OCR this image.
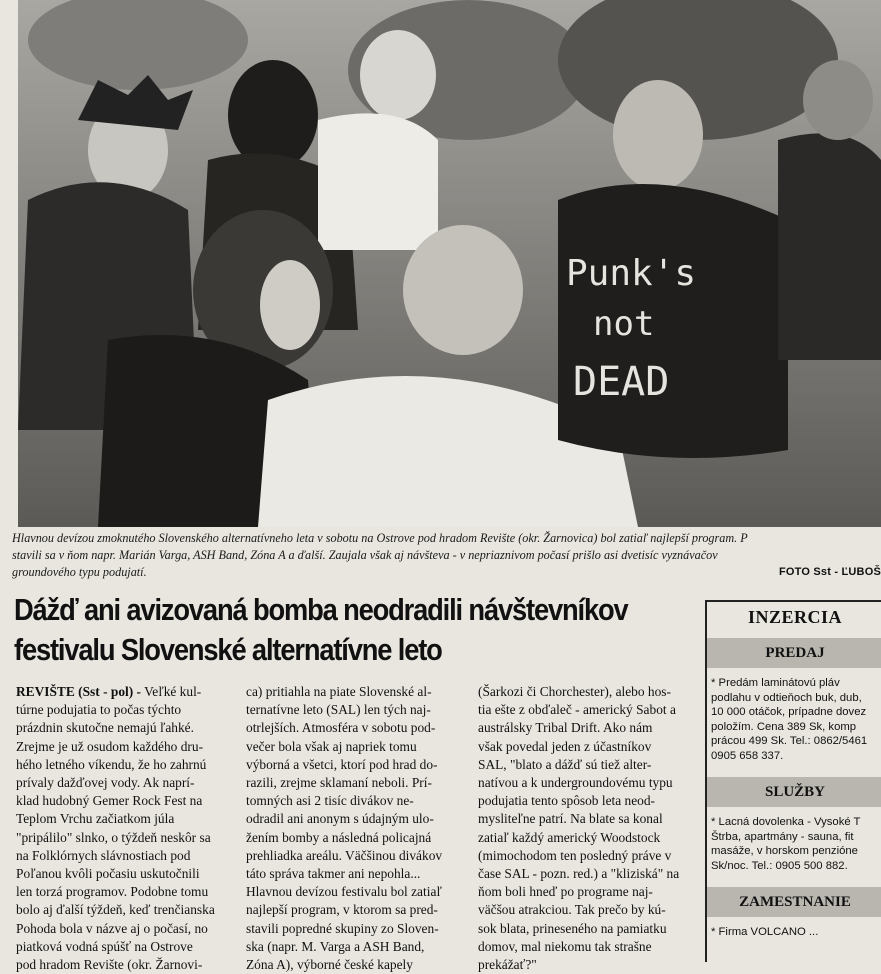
Punk's
not
DEAD
Hlavnou devízou zmoknutého Slovenského alternatívneho leta v sobotu na Ostrove pod hradom Revište (okr. Žarnovica) bol zatiaľ najlepší program. P
stavili sa v ňom napr. Marián Varga, ASH Band, Zóna A a ďalší. Zaujala však aj návšteva - v nepriaznivom počasí prišlo asi dvetisíc vyznávačov
groundového typu podujatí.	FOTO Sst - ĽUBOŠ
Dážď ani avizovaná bomba neodradili návštevníkov
festivalu Slovenské alternatívne leto
REVIŠTE (Sst - pol) - Veľké kul-
túrne podujatia to počas týchto
prázdnin skutočne nemajú ľahké.
Zrejme je už osudom každého dru-
hého letného víkendu, že ho zahrnú
prívaly dažďovej vody. Ak naprí-
klad hudobný Gemer Rock Fest na
Teplom Vrchu začiatkom júla
"pripálilo" slnko, o týždeň neskôr sa
na Folklórnych slávnostiach pod
Poľanou kvôli počasiu uskutočnili
len torzá programov. Podobne tomu
bolo aj ďalší týždeň, keď trenčianska
Pohoda bola v názve aj o počasí, no
piatková vodná spúšť na Ostrove
pod hradom Revište (okr. Žarnovi-
ca) pritiahla na piate Slovenské al-
ternatívne leto (SAL) len tých naj-
otrlejších. Atmosféra v sobotu pod-
večer bola však aj napriek tomu
výborná a všetci, ktorí pod hrad do-
razili, zrejme sklamaní neboli. Prí-
tomných asi 2 tisíc divákov ne-
odradil ani anonym s údajným ulo-
žením bomby a následná policajná
prehliadka areálu. Väčšinou divákov
táto správa takmer ani nepohla...
Hlavnou devízou festivalu bol zatiaľ
najlepší program, v ktorom sa pred-
stavili popredné skupiny zo Sloven-
ska (napr. M. Varga a ASH Band,
Zóna A), výborné české kapely
(Šarkozi či Chorchester), alebo hos-
tia ešte z obďaleč - americký Sabot a
austrálsky Tribal Drift. Ako nám
však povedal jeden z účastníkov
SAL, "blato a dážď sú tiež alter-
natívou a k undergroundovému typu
podujatia tento spôsob leta neod-
mysliteľne patrí. Na blate sa konal
zatiaľ každý americký Woodstock
(mimochodom ten posledný práve v
čase SAL - pozn. red.) a "kliziská" na
ňom boli hneď po programe naj-
väčšou atrakciou. Tak prečo by kú-
sok blata, prineseného na pamiatku
domov, mal niekomu tak strašne
prekážať?"
INZERCIA
PREDAJ
* Predám laminátovú pláv
podlahu v odtieňoch buk, dub,
10 000 otáčok, prípadne dovez
položím. Cena 389 Sk, komp
prácou 499 Sk. Tel.: 0862/5461
0905 658 337.
SLUŽBY
* Lacná dovolenka - Vysoké T
Štrba, apartmány - sauna, fit
masáže, v horskom penzióne
Sk/noc. Tel.: 0905 500 882.
ZAMESTNANIE
* Firma VOLCANO ...
